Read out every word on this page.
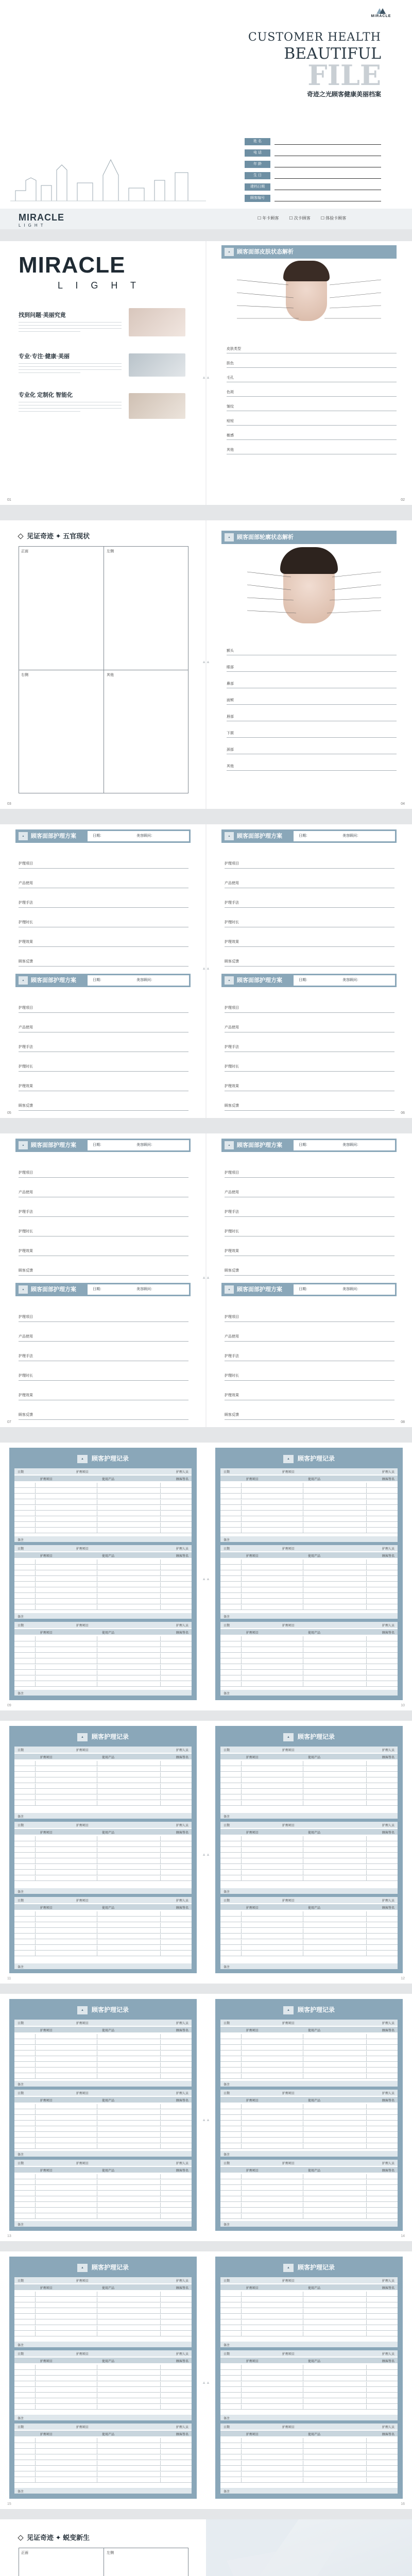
MIRACLE
CUSTOMER HEALTH
BEAUTIFUL
FILE
奇迹之光顾客健康美丽档案
姓 名
电 话
年 龄
生 日
建档日期
顾客编号
MIRACLE
LIGHT
☐ 年卡顾客	☐ 次卡顾客	☐ 体验卡顾客
MIRACLE
L I G H T
找到问题·美丽究竟
专业·专注·健康·美丽
专业化 定制化 智能化
01
▲▲
▲	顾客面部皮肤状态解析
皮肤类型
肤色
毛孔
色斑
皱纹
痘痘
敏感
其他
02
见证奇迹 ✦ 五官现状
正面	左侧
右侧	其他
03
▲▲
▲	顾客面部轮廓状态解析
额头
眼部
鼻部
面颊
唇部
下颌
颈部
其他
04
▲	顾客面部护理方案	日期：	美容顾问：
护理项目
产品使用
护理手法
护理时长
护理效果
顾客反馈
▲	顾客面部护理方案	日期：	美容顾问：
护理项目
产品使用
护理手法
护理时长
护理效果
顾客反馈
05
▲	顾客面部护理方案	日期：	美容顾问：
护理项目
产品使用
护理手法
护理时长
护理效果
顾客反馈
▲	顾客面部护理方案	日期：	美容顾问：
护理项目
产品使用
护理手法
护理时长
护理效果
顾客反馈
06
▲▲
▲	顾客面部护理方案	日期：	美容顾问：
护理项目
产品使用
护理手法
护理时长
护理效果
顾客反馈
▲	顾客面部护理方案	日期：	美容顾问：
护理项目
产品使用
护理手法
护理时长
护理效果
顾客反馈
07
▲	顾客面部护理方案	日期：	美容顾问：
护理项目
产品使用
护理手法
护理时长
护理效果
顾客反馈
▲	顾客面部护理方案	日期：	美容顾问：
护理项目
产品使用
护理手法
护理时长
护理效果
顾客反馈
08
▲▲
▲ 顾客护理记录
日期	护理项目	护理人员
护理项目	使用产品	顾客签名
备注
日期	护理项目	护理人员
护理项目	使用产品	顾客签名
备注
日期	护理项目	护理人员
护理项目	使用产品	顾客签名
备注
09
▲ 顾客护理记录
日期	护理项目	护理人员
护理项目	使用产品	顾客签名
备注
日期	护理项目	护理人员
护理项目	使用产品	顾客签名
备注
日期	护理项目	护理人员
护理项目	使用产品	顾客签名
备注
10
▲▲
▲ 顾客护理记录
日期	护理项目	护理人员
护理项目	使用产品	顾客签名
备注
日期	护理项目	护理人员
护理项目	使用产品	顾客签名
备注
日期	护理项目	护理人员
护理项目	使用产品	顾客签名
备注
11
▲ 顾客护理记录
日期	护理项目	护理人员
护理项目	使用产品	顾客签名
备注
日期	护理项目	护理人员
护理项目	使用产品	顾客签名
备注
日期	护理项目	护理人员
护理项目	使用产品	顾客签名
备注
12
▲▲
▲ 顾客护理记录
日期	护理项目	护理人员
护理项目	使用产品	顾客签名
备注
日期	护理项目	护理人员
护理项目	使用产品	顾客签名
备注
日期	护理项目	护理人员
护理项目	使用产品	顾客签名
备注
13
▲ 顾客护理记录
日期	护理项目	护理人员
护理项目	使用产品	顾客签名
备注
日期	护理项目	护理人员
护理项目	使用产品	顾客签名
备注
日期	护理项目	护理人员
护理项目	使用产品	顾客签名
备注
14
▲▲
▲ 顾客护理记录
日期	护理项目	护理人员
护理项目	使用产品	顾客签名
备注
日期	护理项目	护理人员
护理项目	使用产品	顾客签名
备注
日期	护理项目	护理人员
护理项目	使用产品	顾客签名
备注
15
▲ 顾客护理记录
日期	护理项目	护理人员
护理项目	使用产品	顾客签名
备注
日期	护理项目	护理人员
护理项目	使用产品	顾客签名
备注
日期	护理项目	护理人员
护理项目	使用产品	顾客签名
备注
16
▲▲
见证奇迹 ✦ 蜕变新生
正面	左侧
